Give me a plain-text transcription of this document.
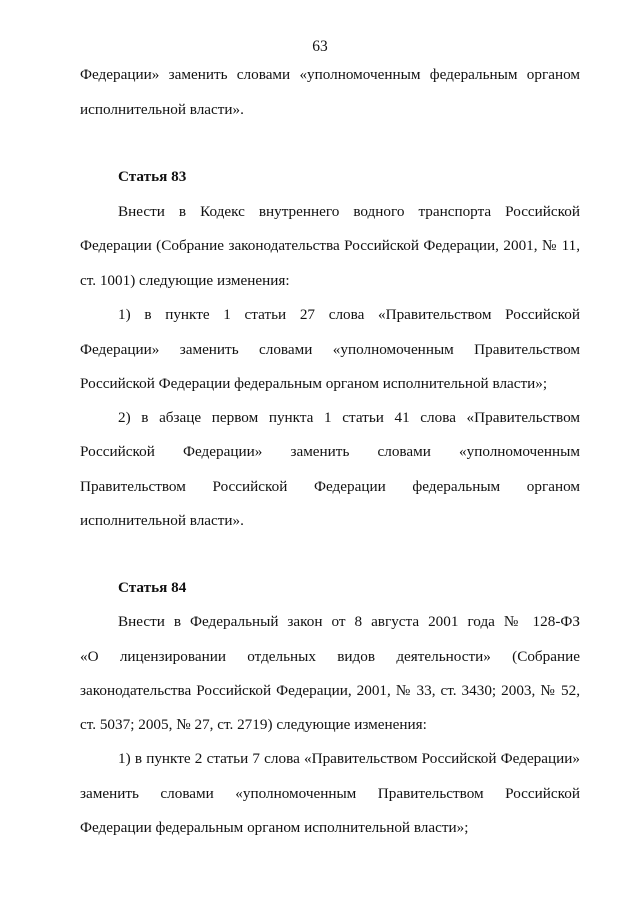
63
Федерации» заменить словами «уполномоченным федеральным органом
исполнительной власти».
Статья 83
Внести в Кодекс внутреннего водного транспорта Российской
Федерации (Собрание законодательства Российской Федерации, 2001, № 11,
ст. 1001) следующие изменения:
1) в пункте 1 статьи 27 слова «Правительством Российской
Федерации» заменить словами «уполномоченным Правительством
Российской Федерации федеральным органом исполнительной власти»;
2) в абзаце первом пункта 1 статьи 41 слова «Правительством
Российской Федерации» заменить словами «уполномоченным
Правительством Российской Федерации федеральным органом
исполнительной власти».
Статья 84
Внести в Федеральный закон от 8 августа 2001 года № 128-ФЗ
«О лицензировании отдельных видов деятельности» (Собрание
законодательства Российской Федерации, 2001, № 33, ст. 3430; 2003, № 52,
ст. 5037; 2005, № 27, ст. 2719) следующие изменения:
1) в пункте 2 статьи 7 слова «Правительством Российской Федерации»
заменить словами «уполномоченным Правительством Российской
Федерации федеральным органом исполнительной власти»;
